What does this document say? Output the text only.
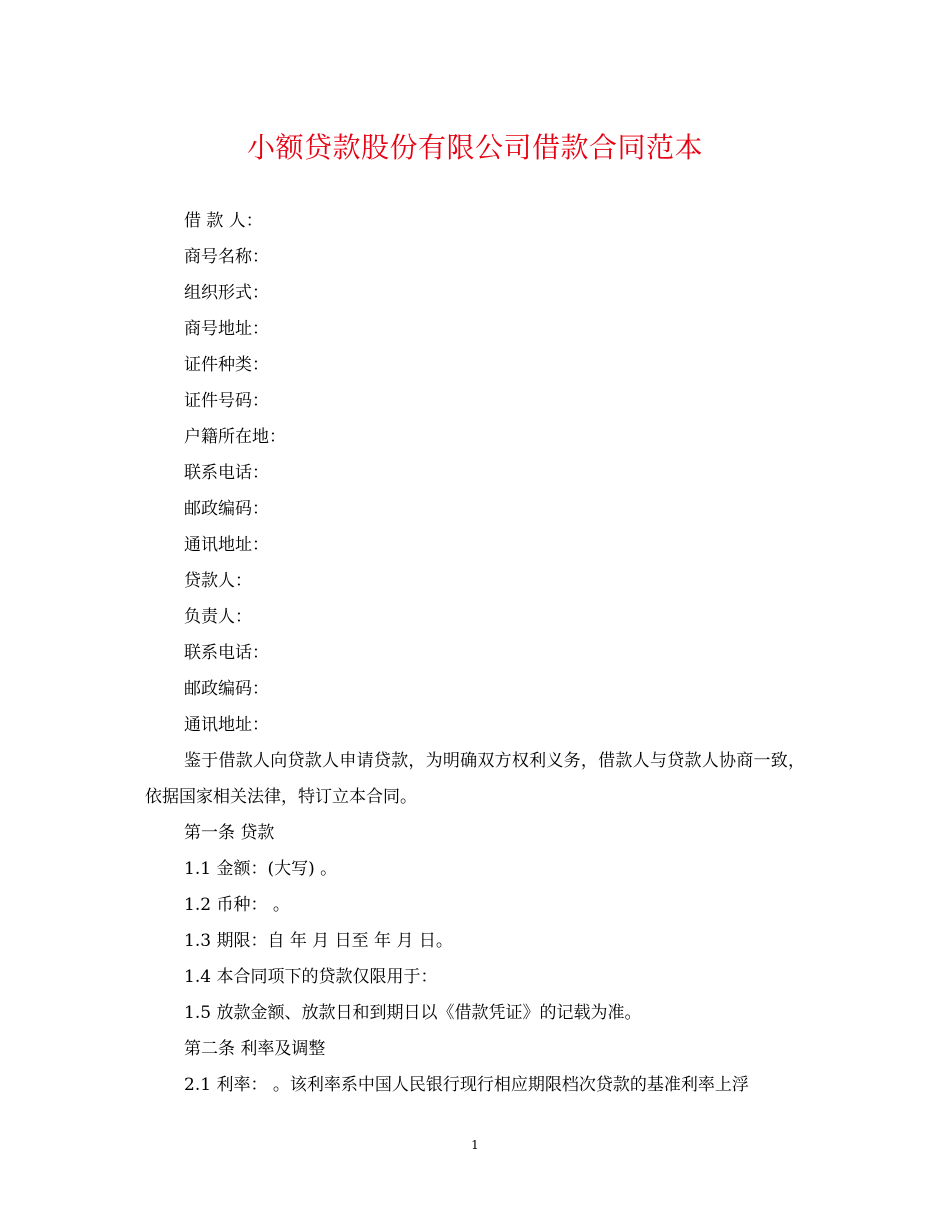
小额贷款股份有限公司借款合同范本
借 款 人：
商号名称：
组织形式：
商号地址：
证件种类：
证件号码：
户籍所在地：
联系电话：
邮政编码：
通讯地址：
贷款人：
负责人：
联系电话：
邮政编码：
通讯地址：
鉴于借款人向贷款人申请贷款，为明确双方权利义务，借款人与贷款人协商一致，依据国家相关法律，特订立本合同。
第一条 贷款
1.1 金额：(大写) 。
1.2 币种： 。
1.3 期限：自 年 月 日至 年 月 日。
1.4 本合同项下的贷款仅限用于：
1.5 放款金额、放款日和到期日以《借款凭证》的记载为准。
第二条 利率及调整
2.1 利率： 。该利率系中国人民银行现行相应期限档次贷款的基准利率上浮
1
